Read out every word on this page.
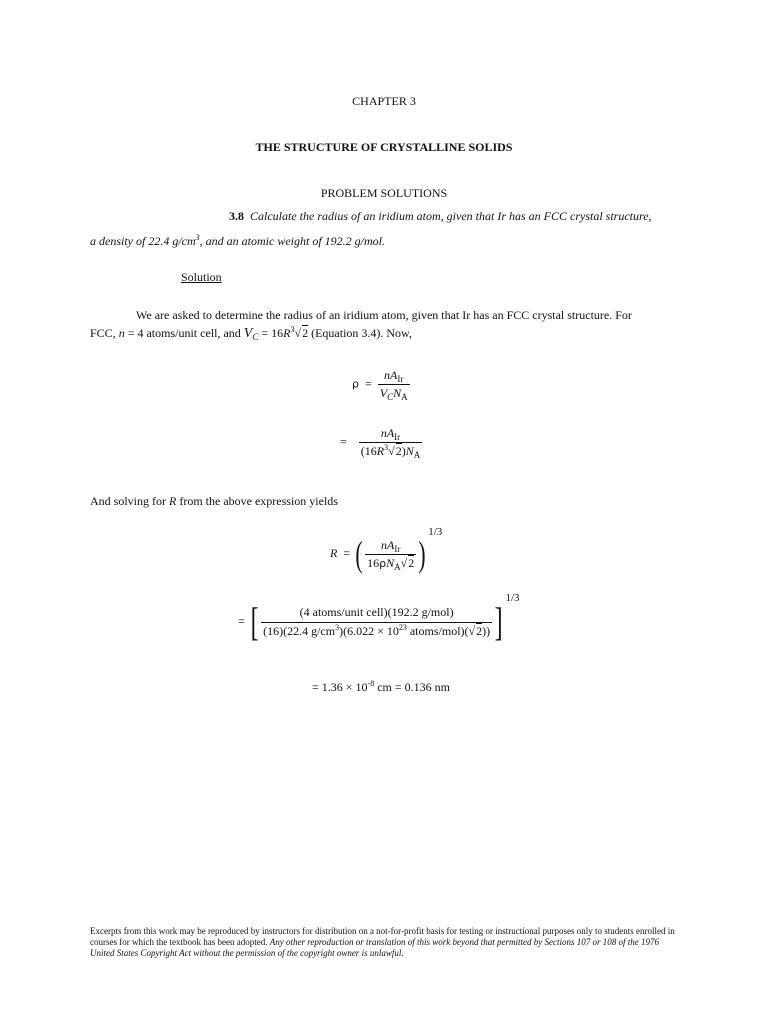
CHAPTER 3
THE STRUCTURE OF CRYSTALLINE SOLIDS
PROBLEM SOLUTIONS
3.8 Calculate the radius of an iridium atom, given that Ir has an FCC crystal structure,
a density of 22.4 $g/cm^3$, and an atomic weight of 192.2 g/mol.
Solution
We are asked to determine the radius of an iridium atom, given that Ir has an FCC crystal structure. For
FCC, n = 4 atoms/unit cell, and $V_C = 16R^3√2$ (Equation 3.4). Now,
$\rho = \frac{nA_{Ir}}{V_CN_A}$
= $\frac{nA_{Ir}}{(16R^3√2)N_A}$
And solving for R from the above expression yields
R = ( $\frac{nA_{Ir}}{16\rho N_A√2} )^{1/3}$
= [ $\frac{\text{(4 atoms/unit cell)(192.2 g/mol)}}{(16)(22.4 g/cm^3)(6.022 \times 10^{23} atoms/mol)(√2))} ]^{1/3}$
= $1.36 \times 10^{-8}$ cm = 0.136 nm
Excerpts from this work may be reproduced by instructors for distribution on a not-for-profit basis for testing or instructional purposes only to students enrolled in courses for which the textbook has been adopted. Any other reproduction or translation of this work beyond that permitted by Sections 107 or 108 of the 1976 United States Copyright Act without the permission of the copyright owner is unlawful.
